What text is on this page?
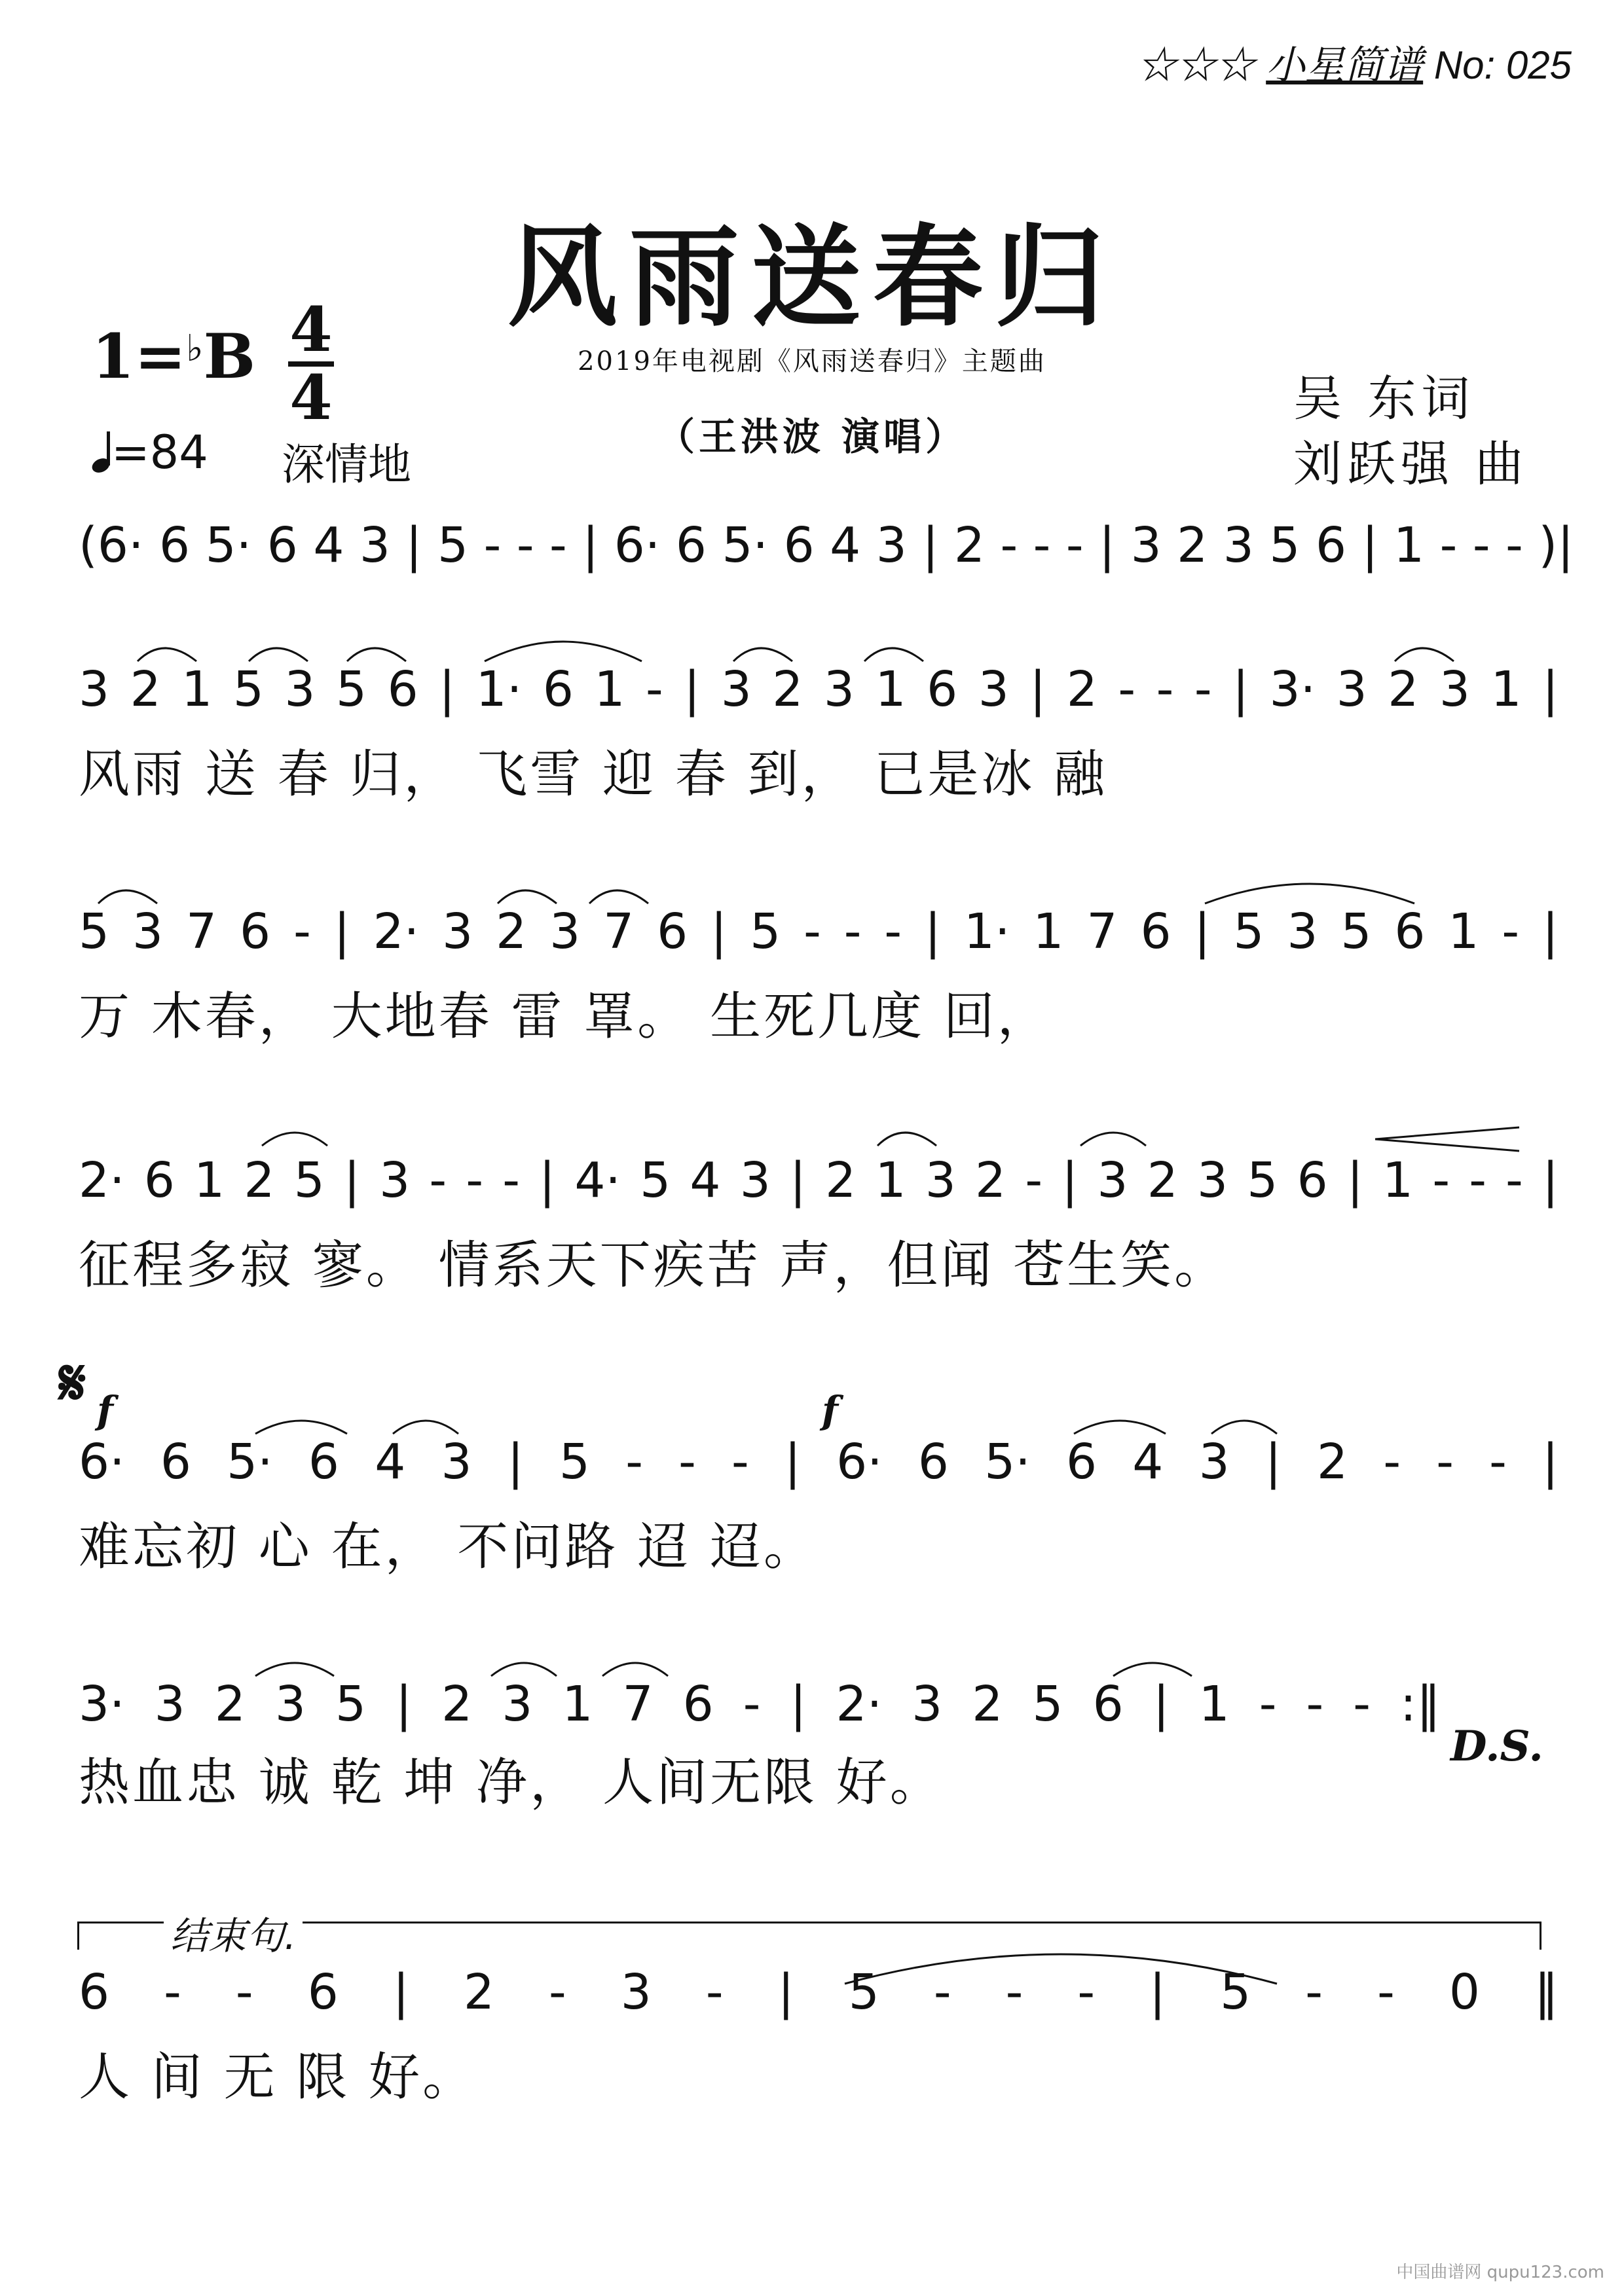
☆☆☆ 小星简谱 No: 025
风雨送春归
1=♭B 4
4
2019年电视剧《风雨送春归》主题曲
（王洪波 演唱）
吴 东词
刘跃强 曲
=84 深情地
(6· 6 5· 6 4 3 | 5 - - - | 6· 6 5· 6 4 3 | 2 - - - | 3 2 3 5 6 | 1 - - - )|
3 2 1 5 3 5 6 | 1· 6 1 - | 3 2 3 1 6 3 | 2 - - - | 3· 3 2 3 1 |
风雨 送 春 归， 飞雪 迎 春 到， 已是冰 融
5 3 7 6 - | 2· 3 2 3 7 6 | 5 - - - | 1· 1 7 6 | 5 3 5 6 1 - |
万 木春， 大地春 雷 罩。 生死几度 回，
2· 6 1 2 5 | 3 - - - | 4· 5 4 3 | 2 1 3 2 - | 3 2 3 5 6 | 1 - - - |
征程多寂 寥。 情系天下疾苦 声，但闻 苍生笑。
𝄋 f	f
6· 6 5· 6 4 3 | 5 - - - | 6· 6 5· 6 4 3 | 2 - - - |
难忘初 心 在， 不问路 迢 迢。
3· 3 2 3 5 | 2 3 1 7 6 - | 2· 3 2 5 6 | 1 - - - :‖
热血忠 诚 乾 坤 净， 人间无限 好。
D.S.
结束句.
6 - - 6 | 2 - 3 - | 5 - - - | 5 - - 0 ‖
人 间 无 限 好。
中国曲谱网 qupu123.com
